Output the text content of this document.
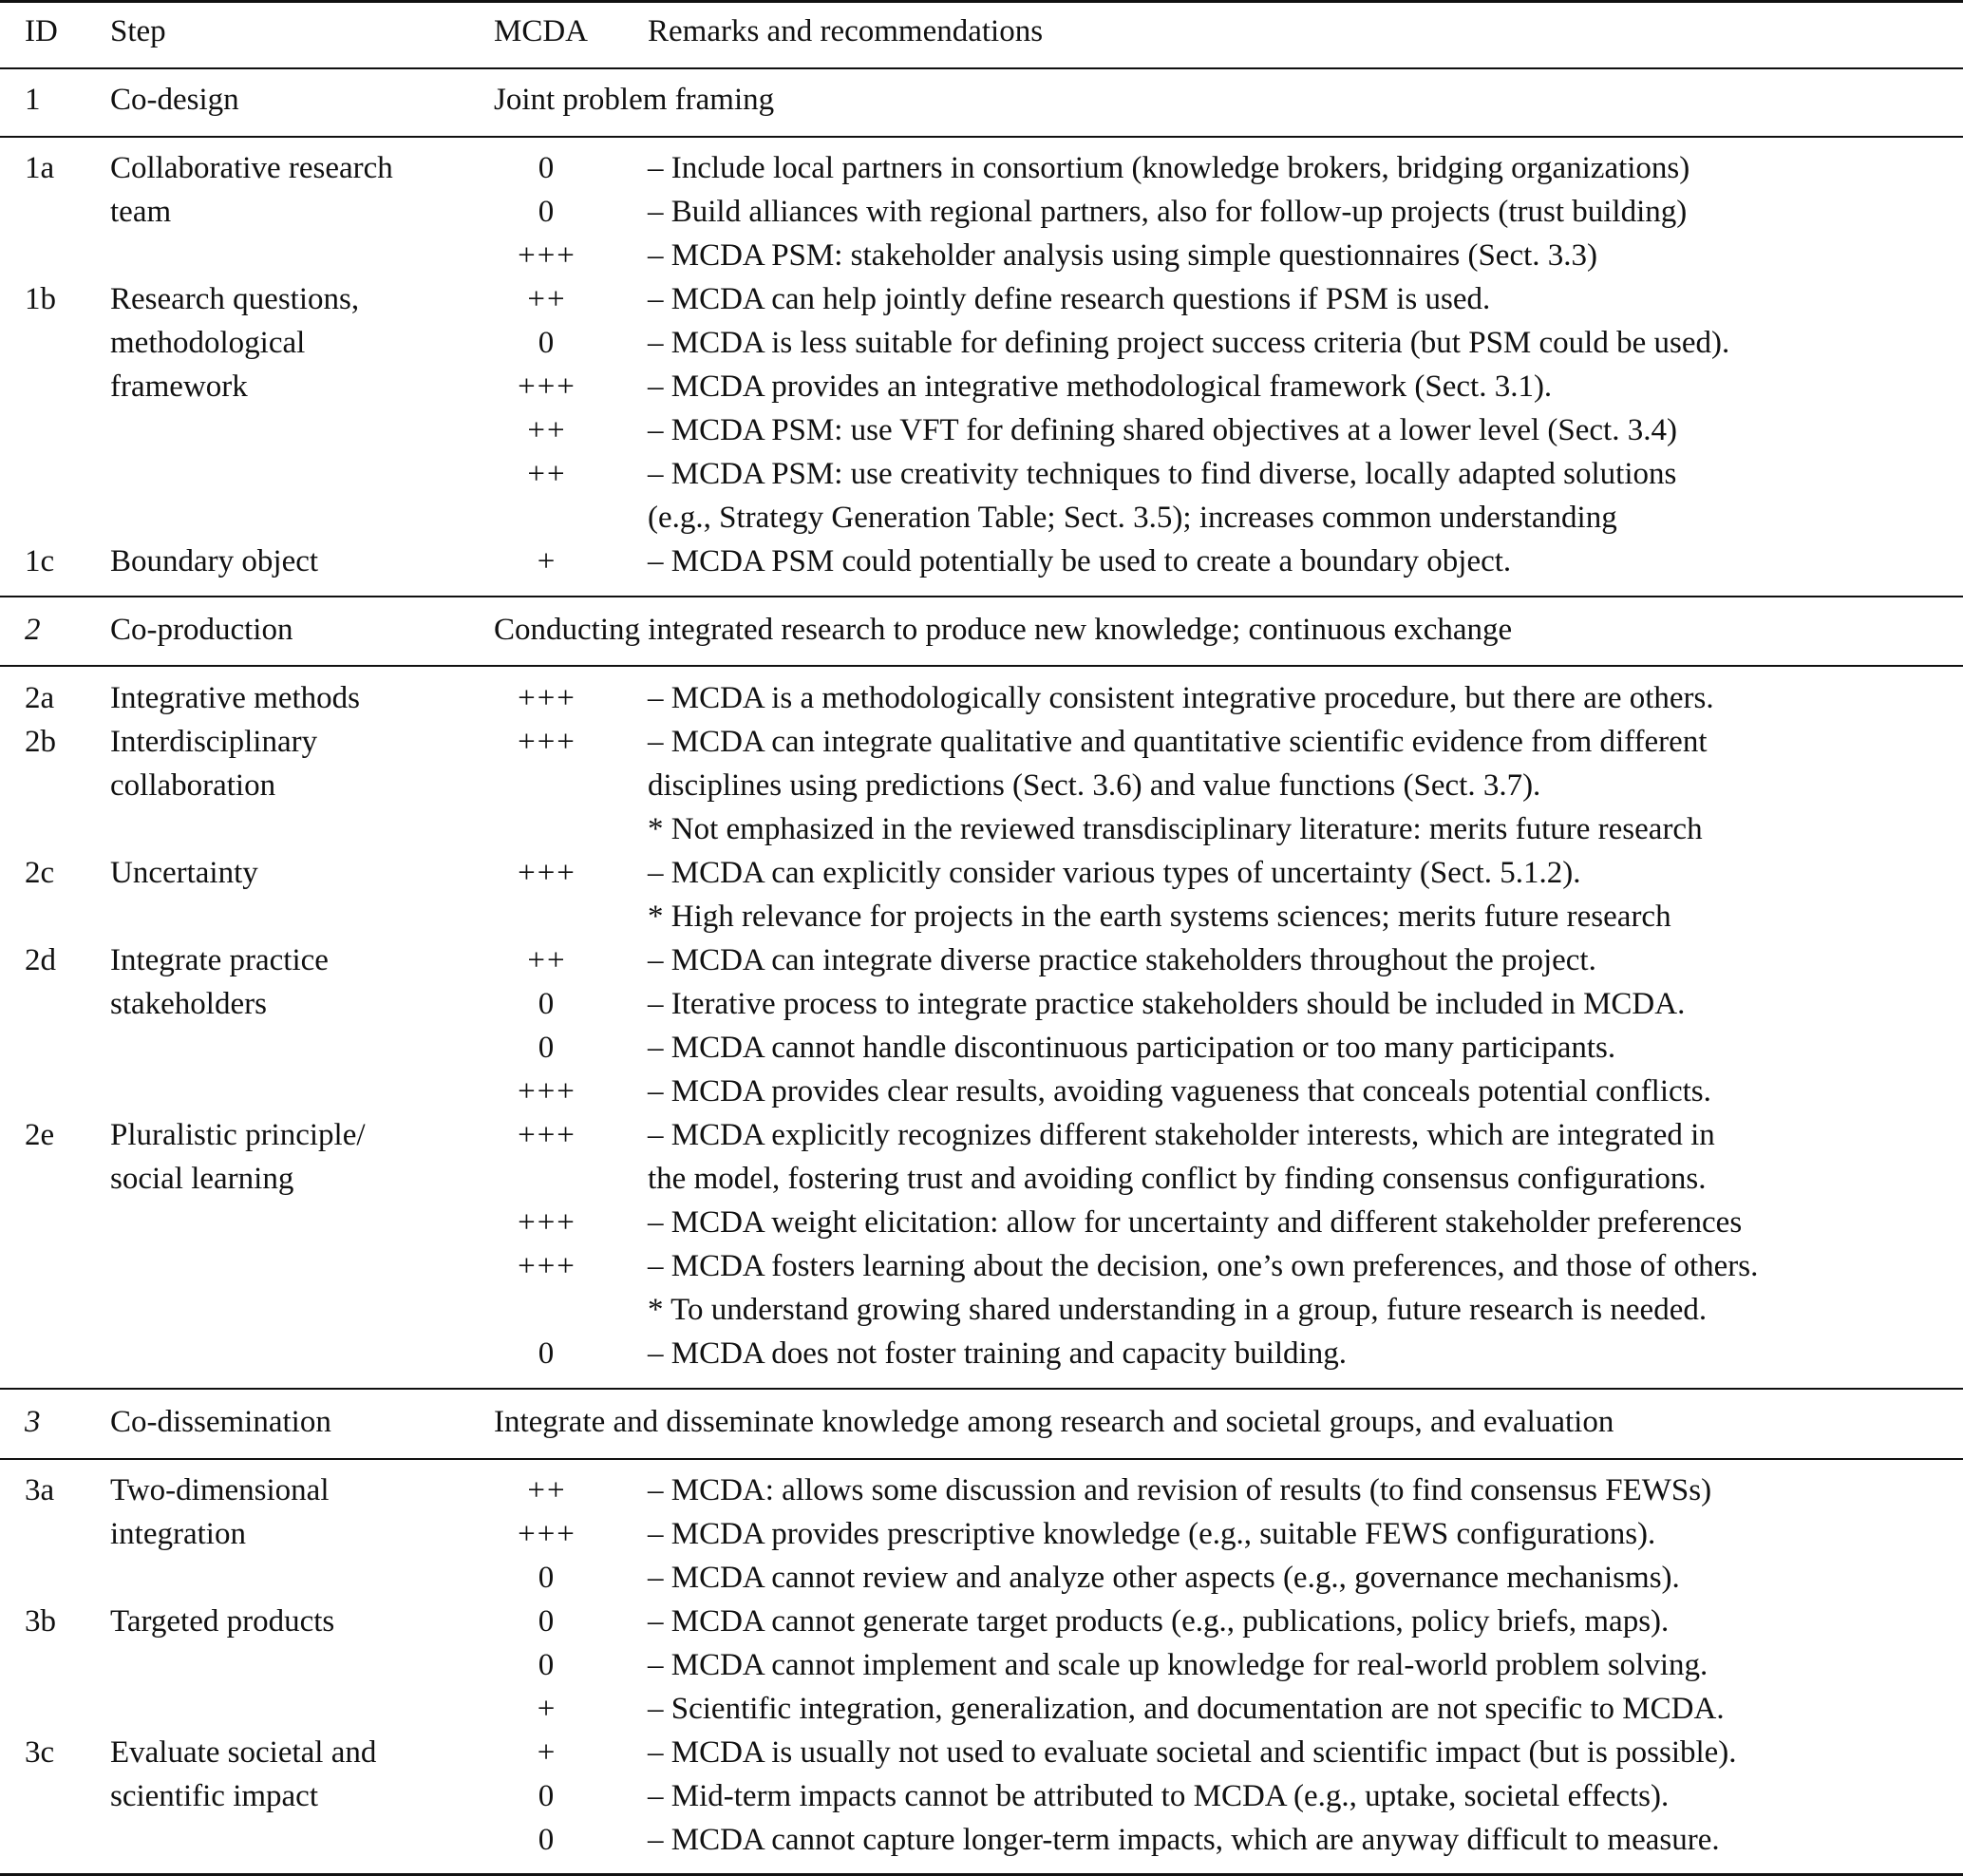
ID Step	MCDA Remarks and recommendations
1 Co-design	Joint problem framing
1a Collaborative research	0	– Include local partners in consortium (knowledge brokers, bridging organizations)
team	0	– Build alliances with regional partners, also for follow-up projects (trust building)
+++	– MCDA PSM: stakeholder analysis using simple questionnaires (Sect. 3.3)
1b Research questions,	++	– MCDA can help jointly define research questions if PSM is used.
methodological	0	– MCDA is less suitable for defining project success criteria (but PSM could be used).
framework	+++	– MCDA provides an integrative methodological framework (Sect. 3.1).
++	– MCDA PSM: use VFT for defining shared objectives at a lower level (Sect. 3.4)
++	– MCDA PSM: use creativity techniques to find diverse, locally adapted solutions
(e.g., Strategy Generation Table; Sect. 3.5); increases common understanding
1c Boundary object	+	– MCDA PSM could potentially be used to create a boundary object.
2 Co-production	Conducting integrated research to produce new knowledge; continuous exchange
2a Integrative methods	+++	– MCDA is a methodologically consistent integrative procedure, but there are others.
2b Interdisciplinary	+++	– MCDA can integrate qualitative and quantitative scientific evidence from different
collaboration	disciplines using predictions (Sect. 3.6) and value functions (Sect. 3.7).
* Not emphasized in the reviewed transdisciplinary literature: merits future research
2c Uncertainty	+++	– MCDA can explicitly consider various types of uncertainty (Sect. 5.1.2).
* High relevance for projects in the earth systems sciences; merits future research
2d Integrate practice	++	– MCDA can integrate diverse practice stakeholders throughout the project.
stakeholders	0	– Iterative process to integrate practice stakeholders should be included in MCDA.
0	– MCDA cannot handle discontinuous participation or too many participants.
+++	– MCDA provides clear results, avoiding vagueness that conceals potential conflicts.
2e Pluralistic principle/	+++	– MCDA explicitly recognizes different stakeholder interests, which are integrated in
social learning	the model, fostering trust and avoiding conflict by finding consensus configurations.
+++	– MCDA weight elicitation: allow for uncertainty and different stakeholder preferences
+++	– MCDA fosters learning about the decision, one’s own preferences, and those of others.
* To understand growing shared understanding in a group, future research is needed.
0	– MCDA does not foster training and capacity building.
3 Co-dissemination	Integrate and disseminate knowledge among research and societal groups, and evaluation
3a Two-dimensional	++	– MCDA: allows some discussion and revision of results (to find consensus FEWSs)
integration	+++	– MCDA provides prescriptive knowledge (e.g., suitable FEWS configurations).
0	– MCDA cannot review and analyze other aspects (e.g., governance mechanisms).
3b Targeted products	0	– MCDA cannot generate target products (e.g., publications, policy briefs, maps).
0	– MCDA cannot implement and scale up knowledge for real-world problem solving.
+	– Scientific integration, generalization, and documentation are not specific to MCDA.
3c Evaluate societal and	+	– MCDA is usually not used to evaluate societal and scientific impact (but is possible).
scientific impact	0	– Mid-term impacts cannot be attributed to MCDA (e.g., uptake, societal effects).
0	– MCDA cannot capture longer-term impacts, which are anyway difficult to measure.
